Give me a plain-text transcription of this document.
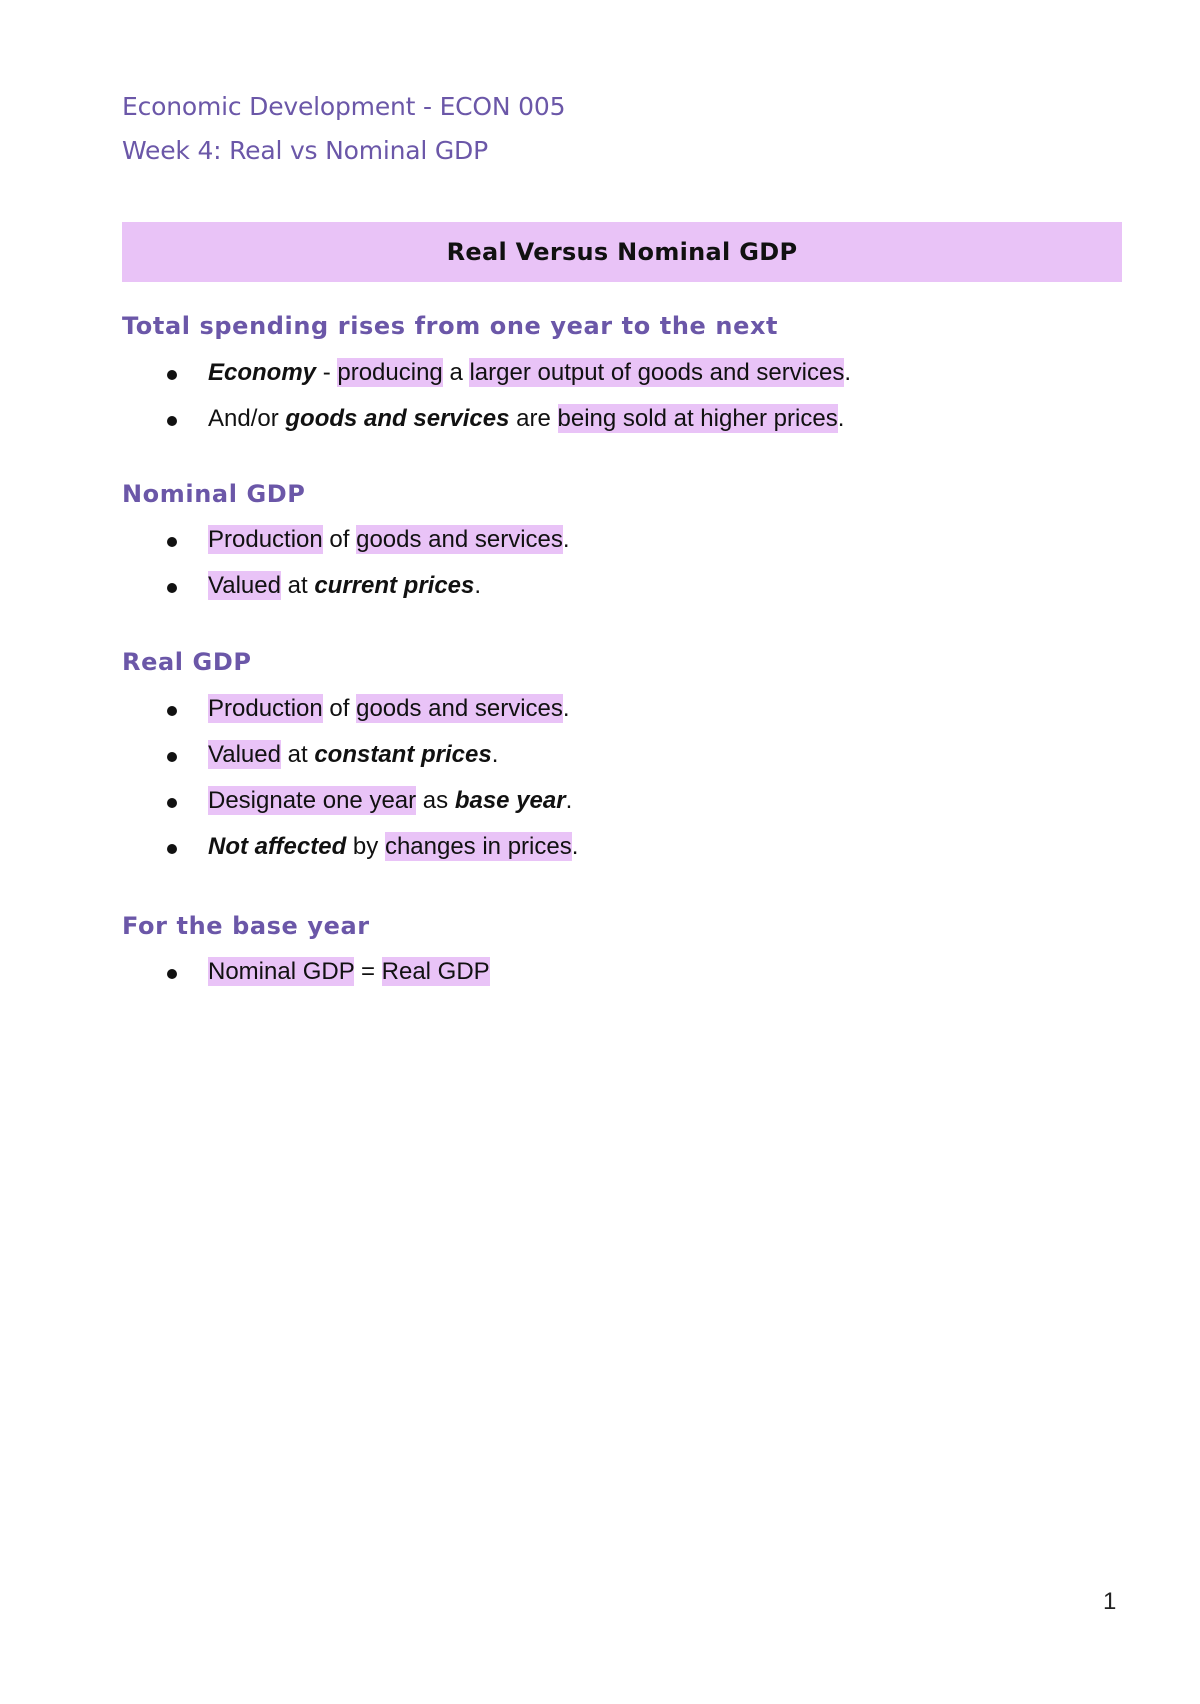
Economic Development - ECON 005
Week 4: Real vs Nominal GDP
Real Versus Nominal GDP
Total spending rises from one year to the next
Economy - producing a larger output of goods and services.
And/or goods and services are being sold at higher prices.
Nominal GDP
Production of goods and services.
Valued at current prices.
Real GDP
Production of goods and services.
Valued at constant prices.
Designate one year as base year.
Not affected by changes in prices.
For the base year
Nominal GDP = Real GDP
1
